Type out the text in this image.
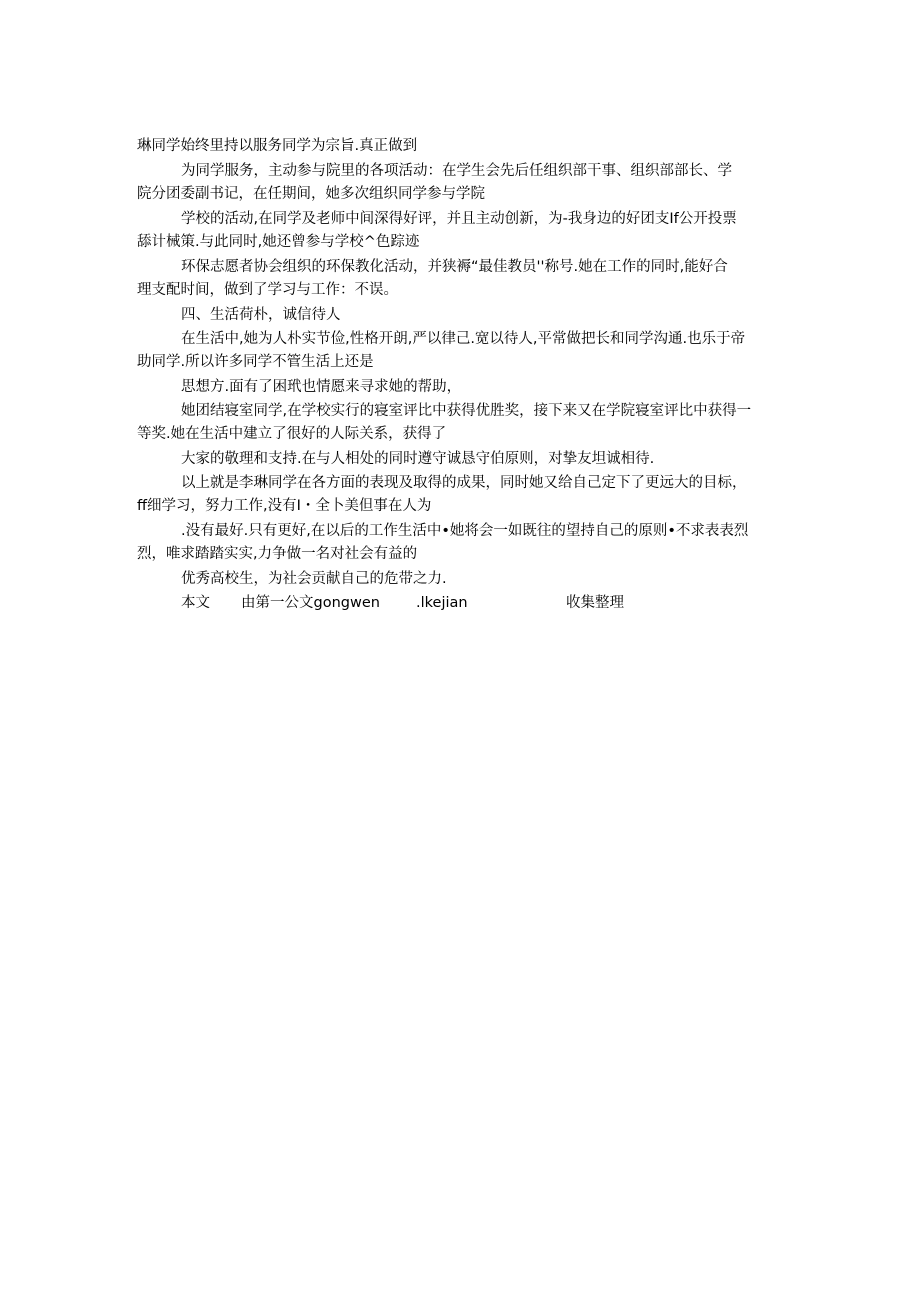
琳同学始终里持以服务同学为宗旨.真正做到
为同学服务，主动参与院里的各项活动：在学生会先后任组织部干事、组织部部长、学
院分团委副书记，在任期间，她多次组织同学参与学院
学校的活动,在同学及老师中间深得好评，并且主动创新，为-我身边的好团支If公开投票
舔计械策.与此同时,她还曾参与学校^色踪迹
环保志愿者协会组织的环保教化活动，并狭褥“最佳教员''称号.她在工作的同时,能好合
理支配时间，做到了学习与工作：不误。
四、生活荷朴，诚信待人
在生活中,她为人朴实节俭,性格开朗,严以律己.宽以待人,平常做把长和同学沟通.也乐于帝
助同学.所以许多同学不管生活上还是
思想方.面有了困玳也情愿来寻求她的帮助，
她团结寝室同学,在学校实行的寝室评比中获得优胜奖，接下来又在学院寝室评比中获得一
等奖.她在生活中建立了很好的人际关系，获得了
大家的敬理和支持.在与人相处的同时遵守诚恳守伯原则，对挚友坦诚相待.
以上就是李琳同学在各方面的表现及取得的成果，同时她又给自己定下了更远大的目标，
ff细学习，努力工作,没有I・全卜美但事在人为
.没有最好.只有更好,在以后的工作生活中•她将会一如既往的望持自己的原则•不求表表烈
烈，唯求踏踏实实,力争做一名对社会有益的
优秀高校生，为社会贡献自己的危带之力.
本文 由第一公文gongwen .lkejian	收集整理
